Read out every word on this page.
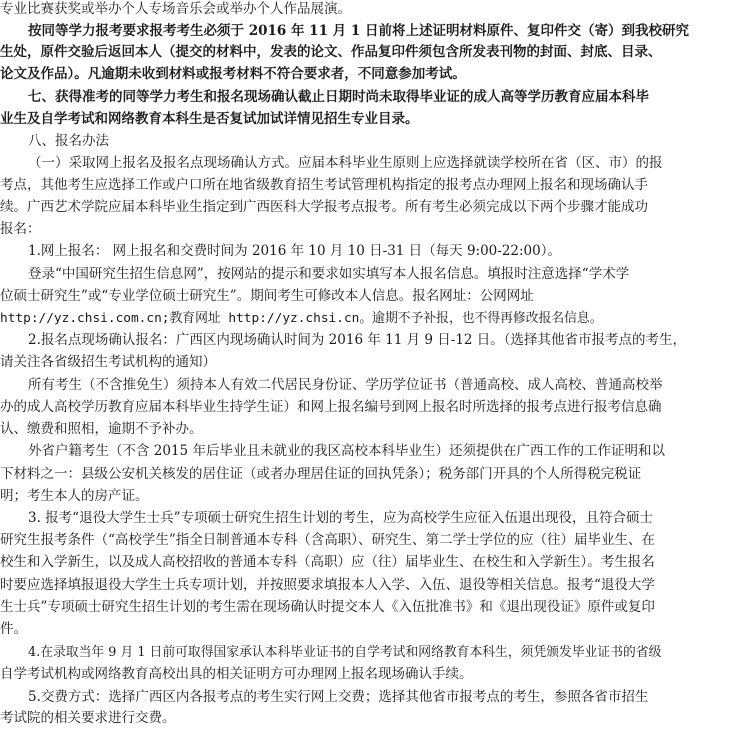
专业比赛获奖或举办个人专场音乐会或举办个人作品展演。

按同等学力报考要求报考考生必须于 2016 年 11 月 1 日前将上述证明材料原件、复印件交（寄）到我校研究

生处，原件交验后返回本人（提交的材料中，发表的论文、作品复印件须包含所发表刊物的封面、封底、目录、

论文及作品）。凡逾期未收到材料或报考材料不符合要求者，不同意参加考试。

七、获得准考的同等学力考生和报名现场确认截止日期时尚未取得毕业证的成人高等学历教育应届本科毕

业生及自学考试和网络教育本科生是否复试加试详情见招生专业目录。

八、报名办法

（一）采取网上报名及报名点现场确认方式。应届本科毕业生原则上应选择就读学校所在省（区、市）的报

考点，其他考生应选择工作或户口所在地省级教育招生考试管理机构指定的报考点办理网上报名和现场确认手

续。广西艺术学院应届本科毕业生指定到广西医科大学报考点报考。所有考生必须完成以下两个步骤才能成功

报名：

1.网上报名： 网上报名和交费时间为 2016 年 10 月 10 日-31 日（每天 9:00-22:00）。

登录“中国研究生招生信息网”，按网站的提示和要求如实填写本人报名信息。填报时注意选择“学术学

位硕士研究生”或“专业学位硕士研究生”。期间考生可修改本人信息。报名网址：公网网址

http://yz.chsi.com.cn;教育网址 http://yz.chsi.cn。逾期不予补报，也不得再修改报名信息。

2.报名点现场确认报名：广西区内现场确认时间为 2016 年 11 月 9 日-12 日。（选择其他省市报考点的考生，

请关注各省级招生考试机构的通知）

所有考生（不含推免生）须持本人有效二代居民身份证、学历学位证书（普通高校、成人高校、普通高校举

办的成人高校学历教育应届本科毕业生持学生证）和网上报名编号到网上报名时所选择的报考点进行报考信息确

认、缴费和照相，逾期不予补办。

外省户籍考生（不含 2015 年后毕业且未就业的我区高校本科毕业生）还须提供在广西工作的工作证明和以

下材料之一：县级公安机关核发的居住证（或者办理居住证的回执凭条）；税务部门开具的个人所得税完税证

明；考生本人的房产证。

3. 报考“退役大学生士兵”专项硕士研究生招生计划的考生，应为高校学生应征入伍退出现役，且符合硕士

研究生报考条件（“高校学生”指全日制普通本专科（含高职）、研究生、第二学士学位的应（往）届毕业生、在

校生和入学新生，以及成人高校招收的普通本专科（高职）应（往）届毕业生、在校生和入学新生）。考生报名

时要应选择填报退役大学生士兵专项计划，并按照要求填报本人入学、入伍、退役等相关信息。报考“退役大学

生士兵”专项硕士研究生招生计划的考生需在现场确认时提交本人《入伍批准书》和《退出现役证》原件或复印

件。

4.在录取当年 9 月 1 日前可取得国家承认本科毕业证书的自学考试和网络教育本科生，须凭颁发毕业证书的省级

自学考试机构或网络教育高校出具的相关证明方可办理网上报名现场确认手续。

5.交费方式：选择广西区内各报考点的考生实行网上交费；选择其他省市报考点的考生，参照各省市招生

考试院的相关要求进行交费。
